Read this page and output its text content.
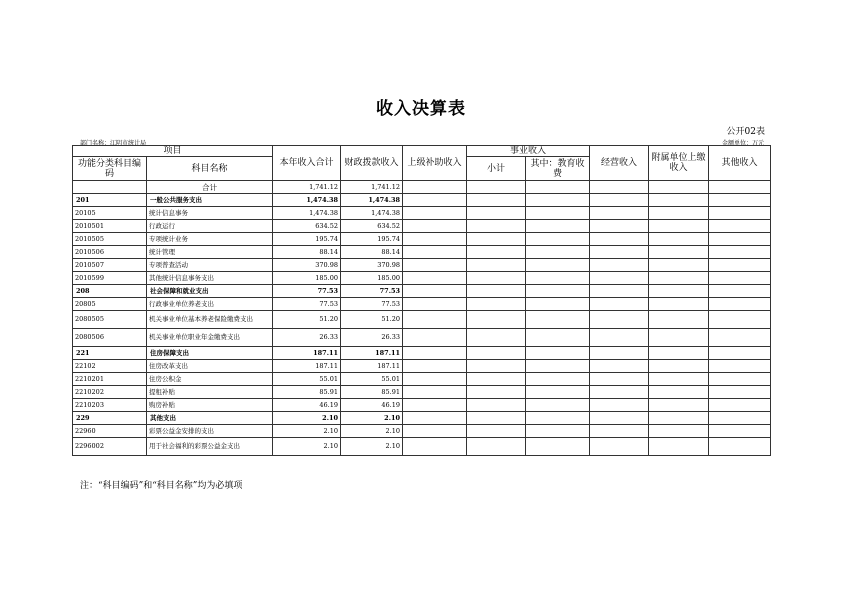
收入决算表
公开02表
部门名称：江阴市统计局	金额单位：万元
项目		本年收入合计	财政拨款收入	上级补助收入	事业收入		经营收入	附属单位上缴收入	其他收入
功能分类科目编码	科目名称				小计	其中：教育收费			

	合计	1,741.12	1,741.12						
201	一般公共服务支出	1,474.38	1,474.38						
20105	统计信息事务	1,474.38	1,474.38						
2010501	行政运行	634.52	634.52						
2010505	专项统计业务	195.74	195.74						
2010506	统计管理	88.14	88.14						
2010507	专项普查活动	370.98	370.98						
2010599	其他统计信息事务支出	185.00	185.00						
208	社会保障和就业支出	77.53	77.53						
20805	行政事业单位养老支出	77.53	77.53						
2080505	机关事业单位基本养老保险缴费支出	51.20	51.20						
2080506	机关事业单位职业年金缴费支出	26.33	26.33						
221	住房保障支出	187.11	187.11						
22102	住房改革支出	187.11	187.11						
2210201	住房公积金	55.01	55.01						
2210202	提租补贴	85.91	85.91						
2210203	购房补贴	46.19	46.19						
229	其他支出	2.10	2.10						
22960	彩票公益金安排的支出	2.10	2.10						
2296002	用于社会福利的彩票公益金支出	2.10	2.10						
注：“科目编码”和“科目名称”均为必填项
